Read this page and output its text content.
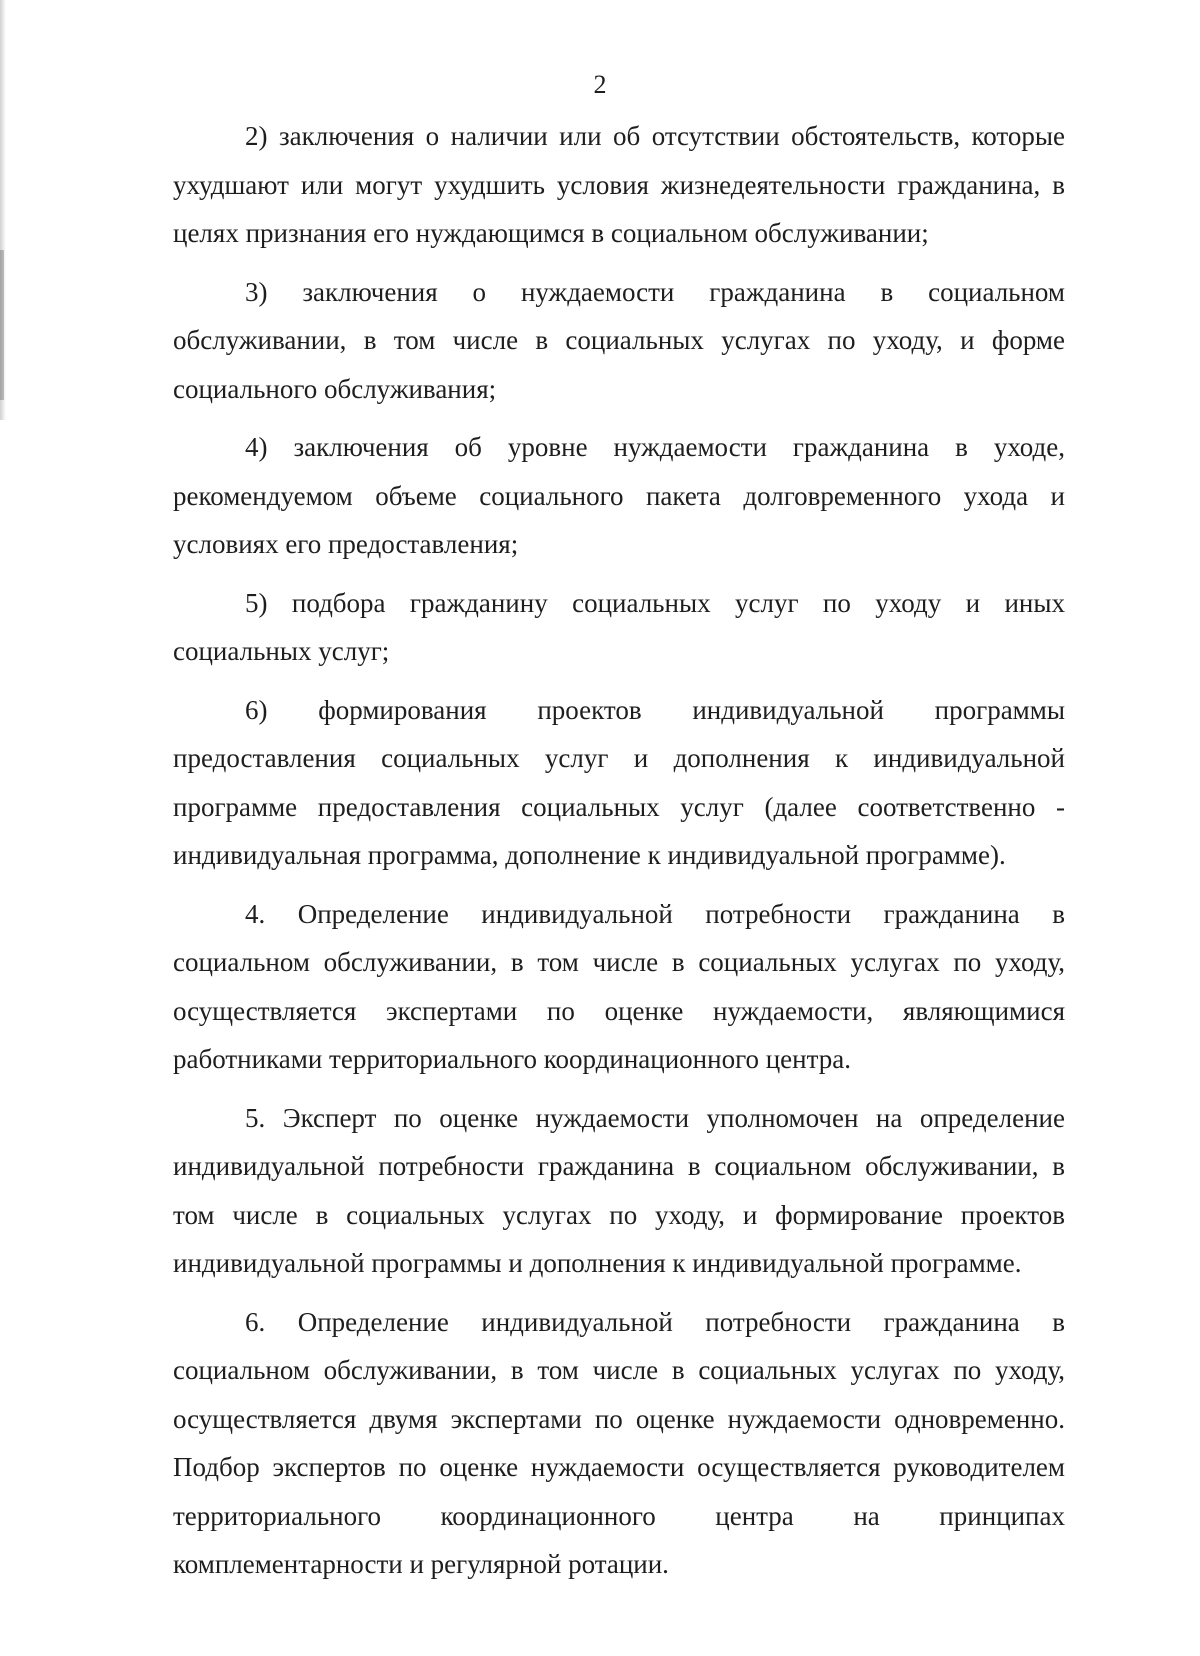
2

2) заключения о наличии или об отсутствии обстоятельств, которые ухудшают или могут ухудшить условия жизнедеятельности гражданина, в целях признания его нуждающимся в социальном обслуживании;

3) заключения о нуждаемости гражданина в социальном обслуживании, в том числе в социальных услугах по уходу, и форме социального обслуживания;

4) заключения об уровне нуждаемости гражданина в уходе, рекомендуемом объеме социального пакета долговременного ухода и условиях его предоставления;

5) подбора гражданину социальных услуг по уходу и иных социальных услуг;

6) формирования проектов индивидуальной программы предоставления социальных услуг и дополнения к индивидуальной программе предоставления социальных услуг (далее соответственно - индивидуальная программа, дополнение к индивидуальной программе).

4. Определение индивидуальной потребности гражданина в социальном обслуживании, в том числе в социальных услугах по уходу, осуществляется экспертами по оценке нуждаемости, являющимися работниками территориального координационного центра.

5. Эксперт по оценке нуждаемости уполномочен на определение индивидуальной потребности гражданина в социальном обслуживании, в том числе в социальных услугах по уходу, и формирование проектов индивидуальной программы и дополнения к индивидуальной программе.

6. Определение индивидуальной потребности гражданина в социальном обслуживании, в том числе в социальных услугах по уходу, осуществляется двумя экспертами по оценке нуждаемости одновременно. Подбор экспертов по оценке нуждаемости осуществляется руководителем территориального координационного центра на принципах комплементарности и регулярной ротации.
